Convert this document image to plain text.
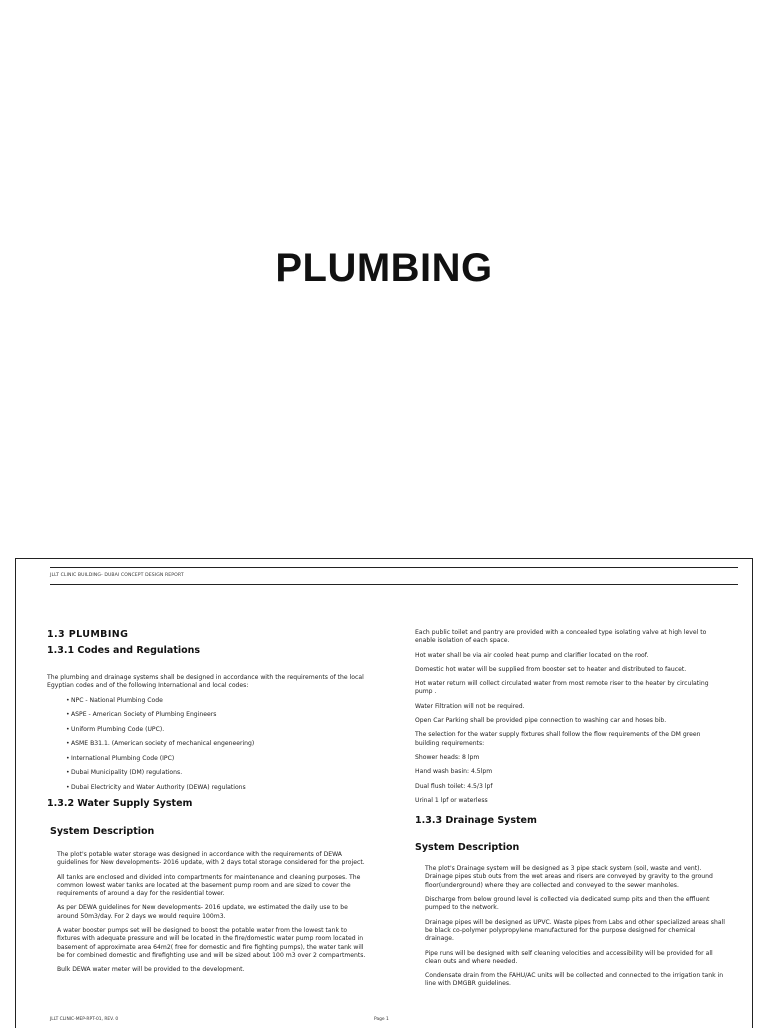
PLUMBING
JLLT CLINIC BUILDING- DUBAI CONCEPT DESIGN REPORT
1.3 PLUMBING
1.3.1 Codes and Regulations

The plumbing and drainage systems shall be designed in accordance with the requirements of the local Egyptian codes and of the following International and local codes:

• NPC - National Plumbing Code
• ASPE - American Society of Plumbing Engineers
• Uniform Plumbing Code (UPC).
• ASME B31.1. (American society of mechanical engeneering)
• International Plumbing Code (IPC)
• Dubai Municipality (DM) regulations.
• Dubai Electricity and Water Authority (DEWA) regulations
1.3.2 Water Supply System
System Description

The plot's potable water storage was designed in accordance with the requirements of DEWA guidelines for New developments- 2016 update, with 2 days total storage considered for the project.

All tanks are enclosed and divided into compartments for maintenance and cleaning purposes. The common lowest water tanks are located at the basement pump room and are sized to cover the requirements of around a day for the residential tower.

As per DEWA guidelines for New developments- 2016 update, we estimated the daily use to be around 50m3/day. For 2 days we would require 100m3.

A water booster pumps set will be designed to boost the potable water from the lowest tank to fixtures with adequate pressure and will be located in the fire/domestic water pump room located in basement of approximate area 64m2( free for domestic and fire fighting pumps), the water tank will be for combined domestic and firefighting use and will be sized about 100 m3 over 2 compartments.

Bulk DEWA water meter will be provided to the development.

Each public toilet and pantry are provided with a concealed type isolating valve at high level to enable isolation of each space.

Hot water shall be via air cooled heat pump and clarifier located on the roof.

Domestic hot water will be supplied from booster set to heater and distributed to faucet.

Hot water return will collect circulated water from most remote riser to the heater by circulating pump .

Water Filtration will not be required.

Open Car Parking shall be provided pipe connection to washing car and hoses bib.

The selection for the water supply fixtures shall follow the flow requirements of the DM green building requirements:

Shower heads: 8 lpm

Hand wash basin: 4.5lpm

Dual flush toilet: 4.5/3 lpf

Urinal 1 lpf or waterless

1.3.3 Drainage System
System Description

The plot's Drainage system will be designed as 3 pipe stack system (soil, waste and vent). Drainage pipes stub outs from the wet areas and risers are conveyed by gravity to the ground floor(underground) where they are collected and conveyed to the sewer manholes.

Discharge from below ground level is collected via dedicated sump pits and then the effluent pumped to the network.

Drainage pipes will be designed as UPVC. Waste pipes from Labs and other specialized areas shall be black co-polymer polypropylene manufactured for the purpose designed for chemical drainage.

Pipe runs will be designed with self cleaning velocities and accessibility will be provided for all clean outs and where needed.

Condensate drain from the FAHU/AC units will be collected and connected to the irrigation tank in line with DMGBR guidelines.

JLLT CLINIC-MEP-RPT-01, REV. 0	Page 1
